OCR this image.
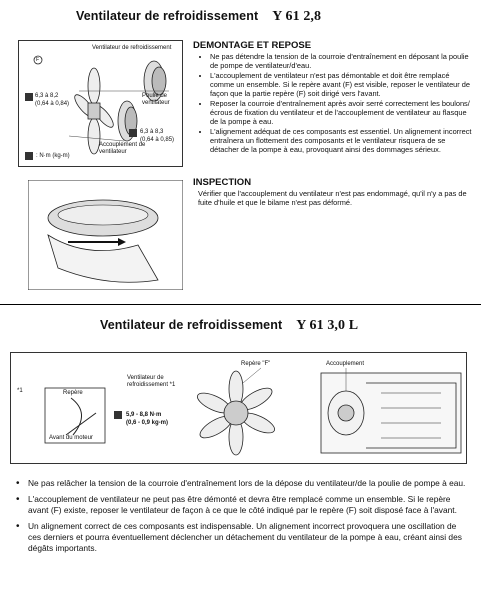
Ventilateur de refroidissement Y 61 2,8
Ventilateur de refroidissement
F
Poulie de ventilateur
6,3 à 8,2
(0,64 à 0,84)
6,3 à 8,3
(0,64 à 0,85)
Accouplement de ventilateur
: N·m (kg-m)
DEMONTAGE ET REPOSE
• Ne pas détendre la tension de la courroie d'entraînement en déposant la poulie de pompe de ventilateur/d'eau.
• L'accouplement de ventilateur n'est pas démontable et doit être remplacé comme un ensemble. Si le repère avant (F) est visible, reposer le ventilateur de façon que la partie repère (F) soit dirigé vers l'avant.
• Reposer la courroie d'entraînement après avoir serré correctement les boulons/écrous de fixation du ventilateur et de l'accouplement de ventilateur au flasque de la pompe à eau.
• L'alignement adéquat de ces composants est essentiel. Un alignement incorrect entraînera un flottement des composants et le ventilateur risquera de se détacher de la pompe à eau, provoquant ainsi des dommages sérieux.
INSPECTION
Vérifier que l'accouplement du ventilateur n'est pas endommagé, qu'il n'y a pas de fuite d'huile et que le bilame n'est pas déformé.
Ventilateur de refroidissement Y 61 3,0 L
*1	Repère
Avant du moteur
Ventilateur de refroidissement *1
Repère "F"	Accouplement
5,9 - 8,8 N·m
(0,6 - 0,9 kg-m)
• Ne pas relâcher la tension de la courroie d'entraînement lors de la dépose du ventilateur/de la poulie de pompe à eau.
• L'accouplement de ventilateur ne peut pas être démonté et devra être remplacé comme un ensemble. Si le repère avant (F) existe, reposer le ventilateur de façon à ce que le côté indiqué par le repère (F) soit disposé face à l'avant.
• Un alignement correct de ces composants est indispensable. Un alignement incorrect provoquera une oscillation de ces derniers et pourra éventuellement déclencher un détachement du ventilateur de la pompe à eau, créant ainsi des dégâts importants.
